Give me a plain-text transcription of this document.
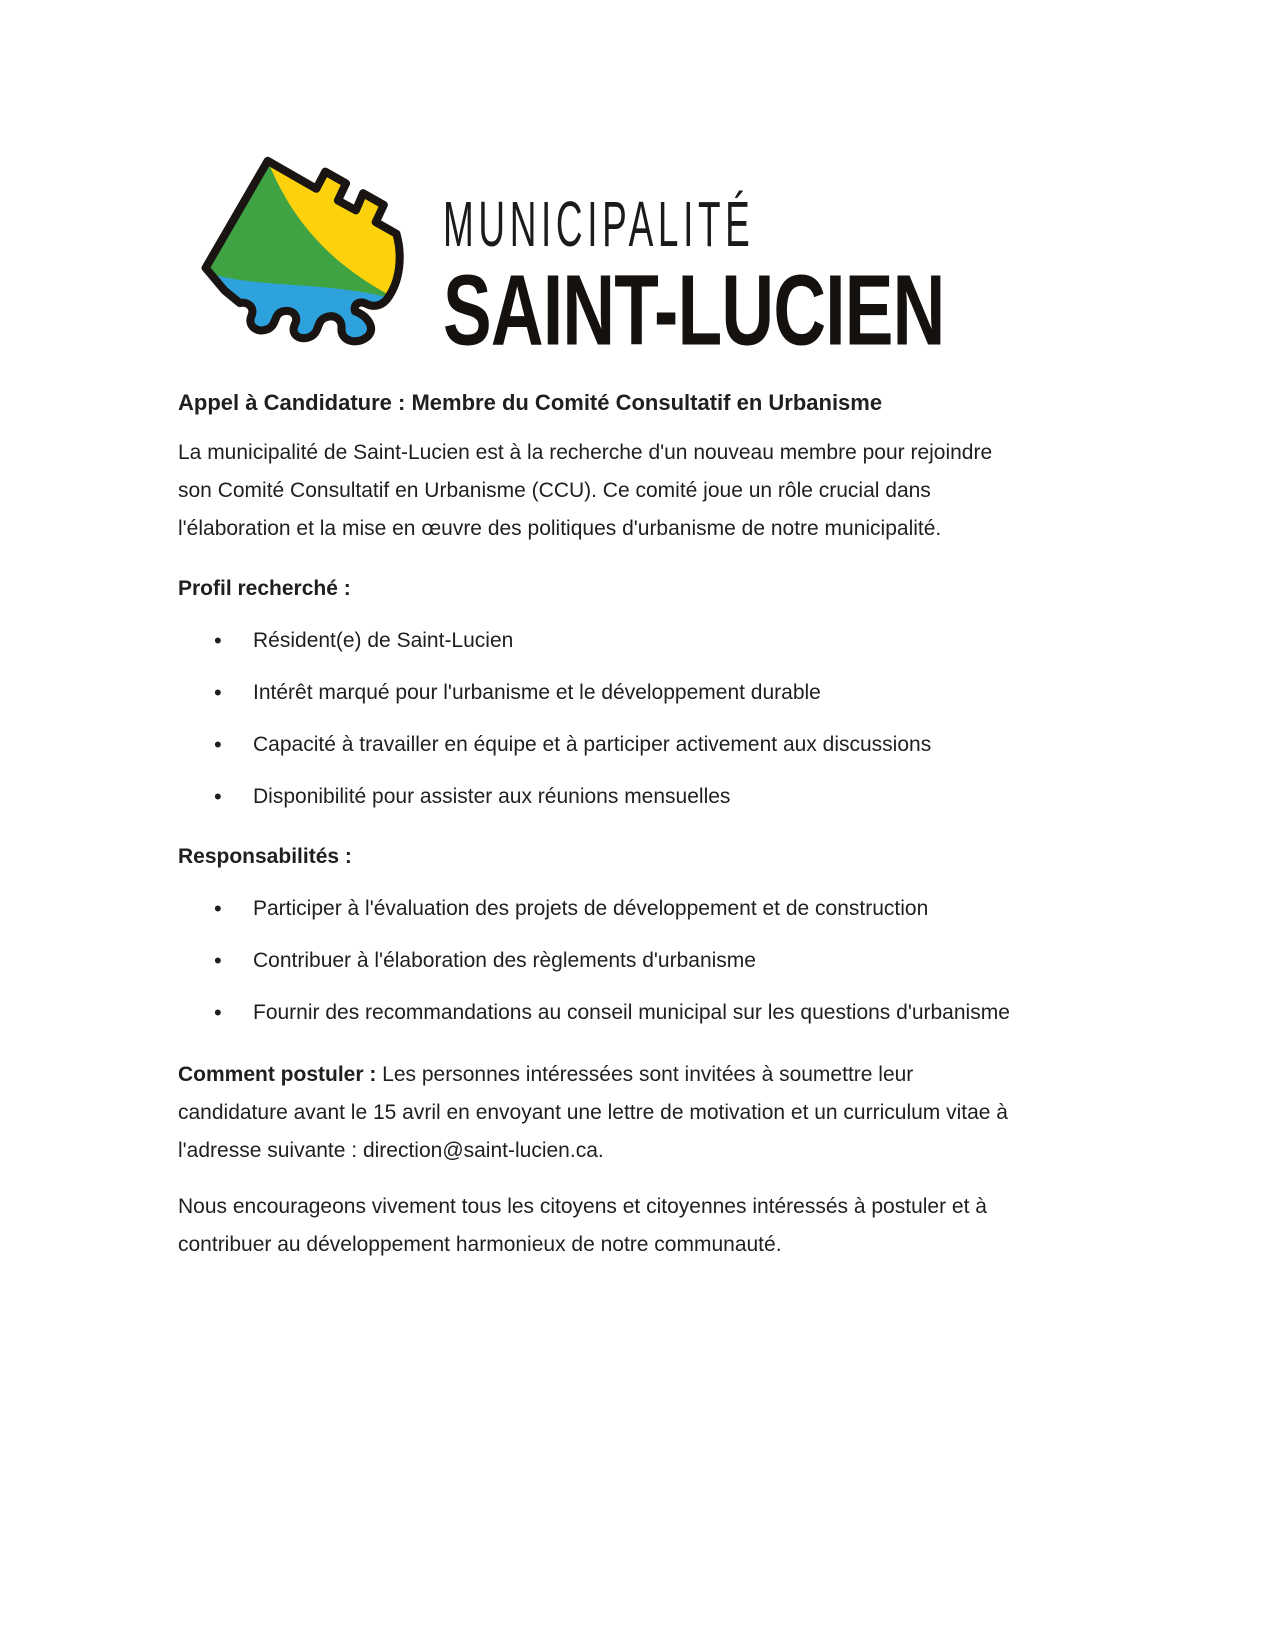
MUNICIPALITÉ
SAINT-LUCIEN
Appel à Candidature : Membre du Comité Consultatif en Urbanisme

La municipalité de Saint-Lucien est à la recherche d'un nouveau membre pour rejoindre son Comité Consultatif en Urbanisme (CCU). Ce comité joue un rôle crucial dans l'élaboration et la mise en œuvre des politiques d'urbanisme de notre municipalité.

Profil recherché :
• Résident(e) de Saint-Lucien
• Intérêt marqué pour l'urbanisme et le développement durable
• Capacité à travailler en équipe et à participer activement aux discussions
• Disponibilité pour assister aux réunions mensuelles
Responsabilités :
• Participer à l'évaluation des projets de développement et de construction
• Contribuer à l'élaboration des règlements d'urbanisme
• Fournir des recommandations au conseil municipal sur les questions d'urbanisme

Comment postuler : Les personnes intéressées sont invitées à soumettre leur candidature avant le 15 avril en envoyant une lettre de motivation et un curriculum vitae à l'adresse suivante : direction@saint-lucien.ca.

Nous encourageons vivement tous les citoyens et citoyennes intéressés à postuler et à contribuer au développement harmonieux de notre communauté.
